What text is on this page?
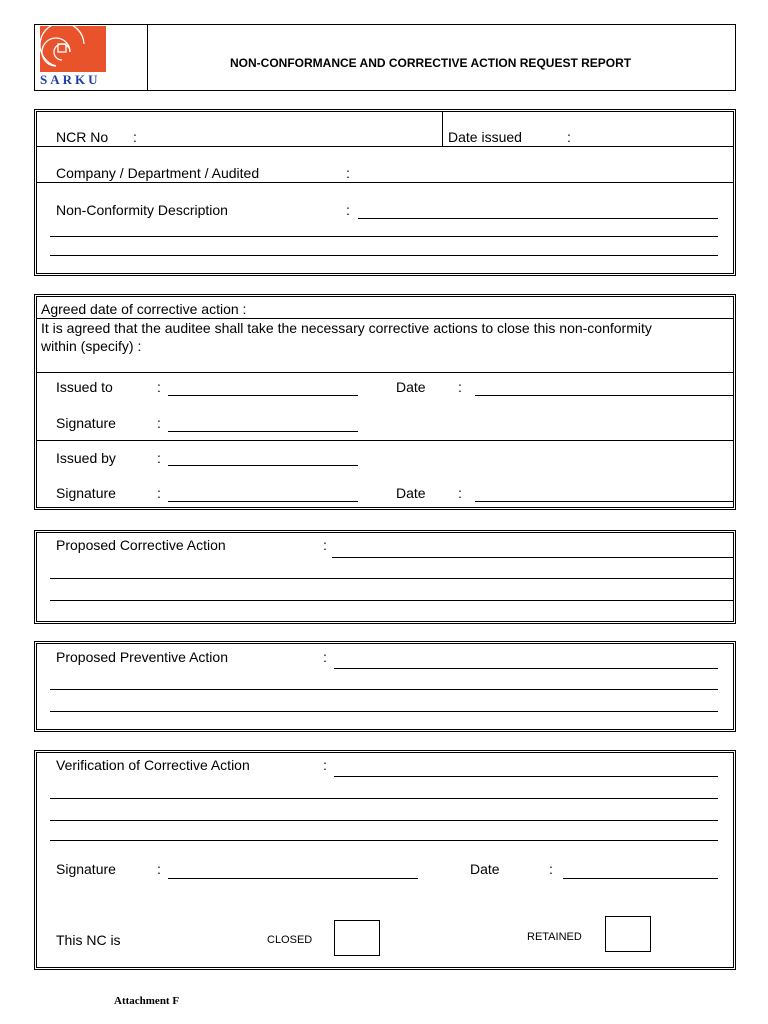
SARKU
NON-CONFORMANCE AND CORRECTIVE ACTION REQUEST REPORT
NCR No :	Date issued	:
Company / Department / Audited	:
Non-Conformity Description	:
Agreed date of corrective action :
It is agreed that the auditee shall take the necessary corrective actions to close this non-conformity
within (specify) :
Issued to	:	Date :
Signature	:
Issued by	:
Signature	:	Date :
Proposed Corrective Action	:
Proposed Preventive Action	:
Verification of Corrective Action	:
Signature	:	Date	:
This NC is	CLOSED	RETAINED
Attachment F
